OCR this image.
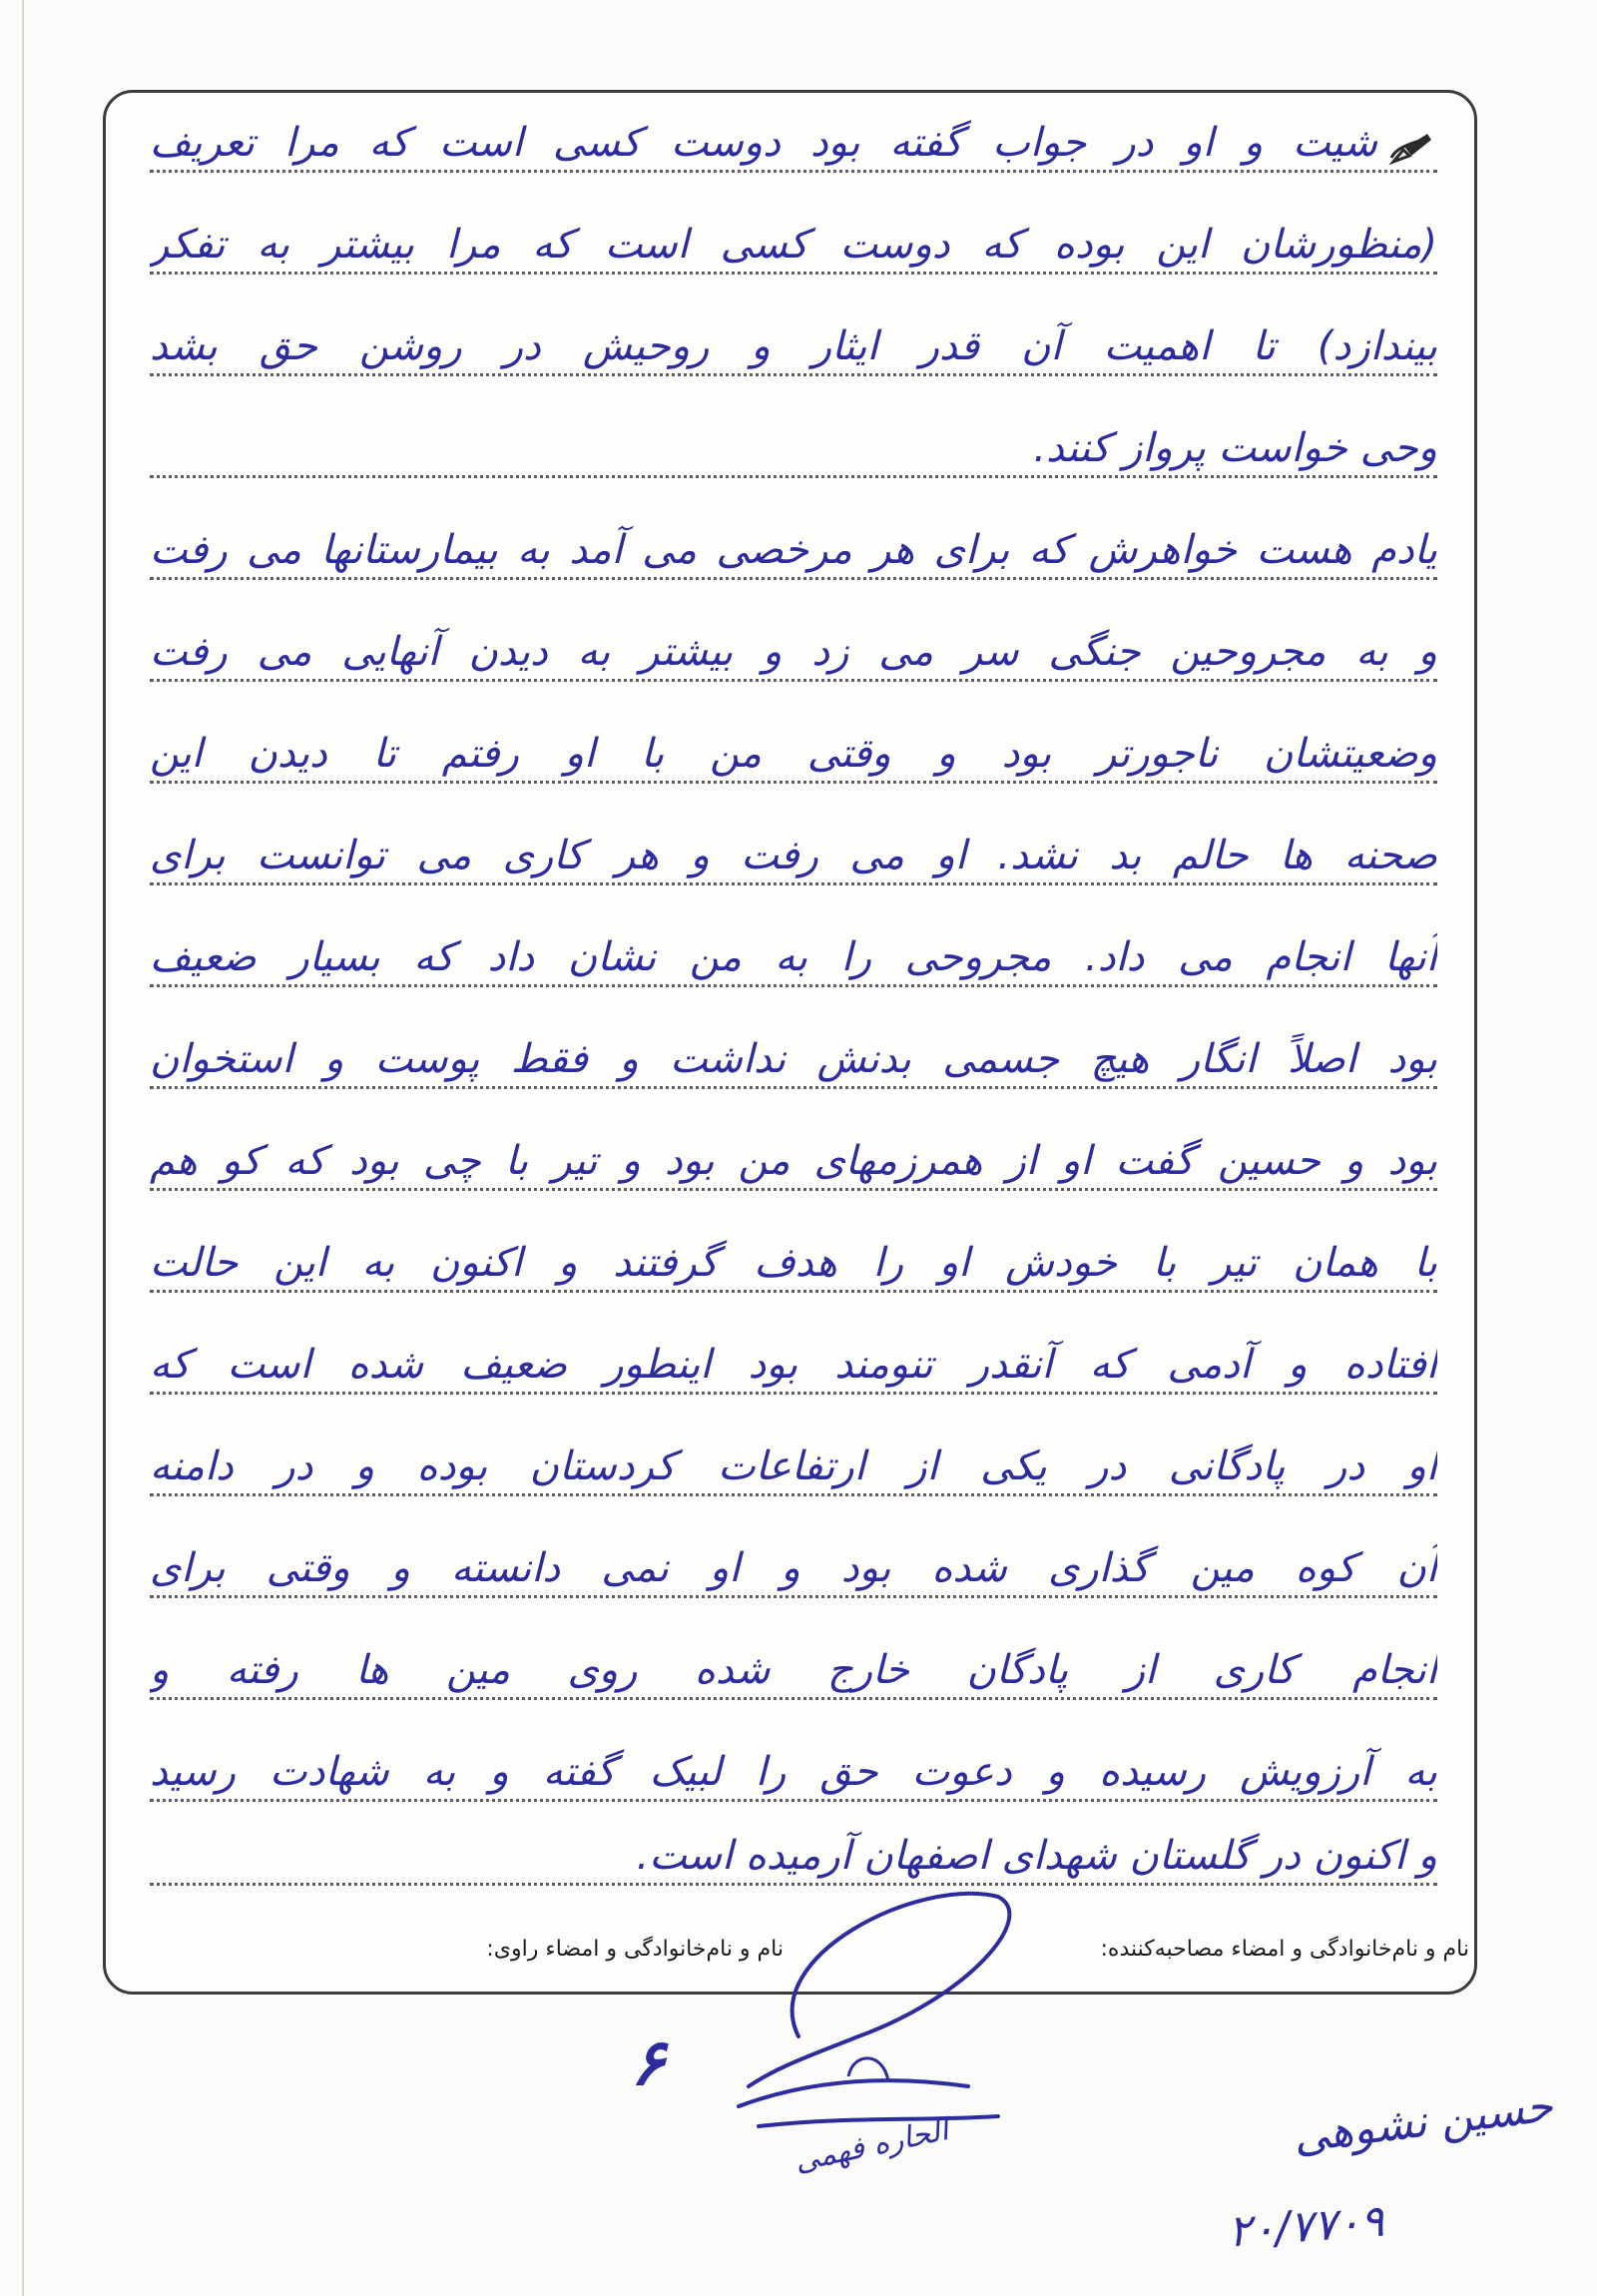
شیت و او در جواب گفته بود دوست کسی است که مرا تعریف
(منظورشان این بوده که دوست کسی است که مرا بیشتر به تفکر
بیندازد) تا اهمیت آن قدر ایثار و روحیش در روشن حق بشد
وحی خواست پرواز کنند.
یادم هست خواهرش که برای هر مرخصی می آمد به بیمارستانها می رفت
و به مجروحین جنگی سر می زد و بیشتر به دیدن آنهایی می رفت
وضعیتشان ناجورتر بود و وقتی من با او رفتم تا دیدن این
صحنه ها حالم بد نشد. او می رفت و هر کاری می توانست برای
آنها انجام می داد. مجروحی را به من نشان داد که بسیار ضعیف
بود اصلاً انگار هیچ جسمی بدنش نداشت و فقط پوست و استخوان
بود و حسین گفت او از همرزمهای من بود و تیر با چی بود که کو هم
با همان تیر با خودش او را هدف گرفتند و اکنون به این حالت
افتاده و آدمی که آنقدر تنومند بود اینطور ضعیف شده است که
او در پادگانی در یکی از ارتفاعات کردستان بوده و در دامنه
آن کوه مین گذاری شده بود و او نمی دانسته و وقتی برای
انجام کاری از پادگان خارج شده روی مین ها رفته و
به آرزویش رسیده و دعوت حق را لبیک گفته و به شهادت رسید
و اکنون در گلستان شهدای اصفهان آرمیده است.
نام و نام‌خانوادگی و امضاء مصاحبه‌کننده:
نام و نام‌خانوادگی و امضاء راوی:
۶
الحاره فهمی	حسین نشوهی
۲۰/۷۷۰۹
